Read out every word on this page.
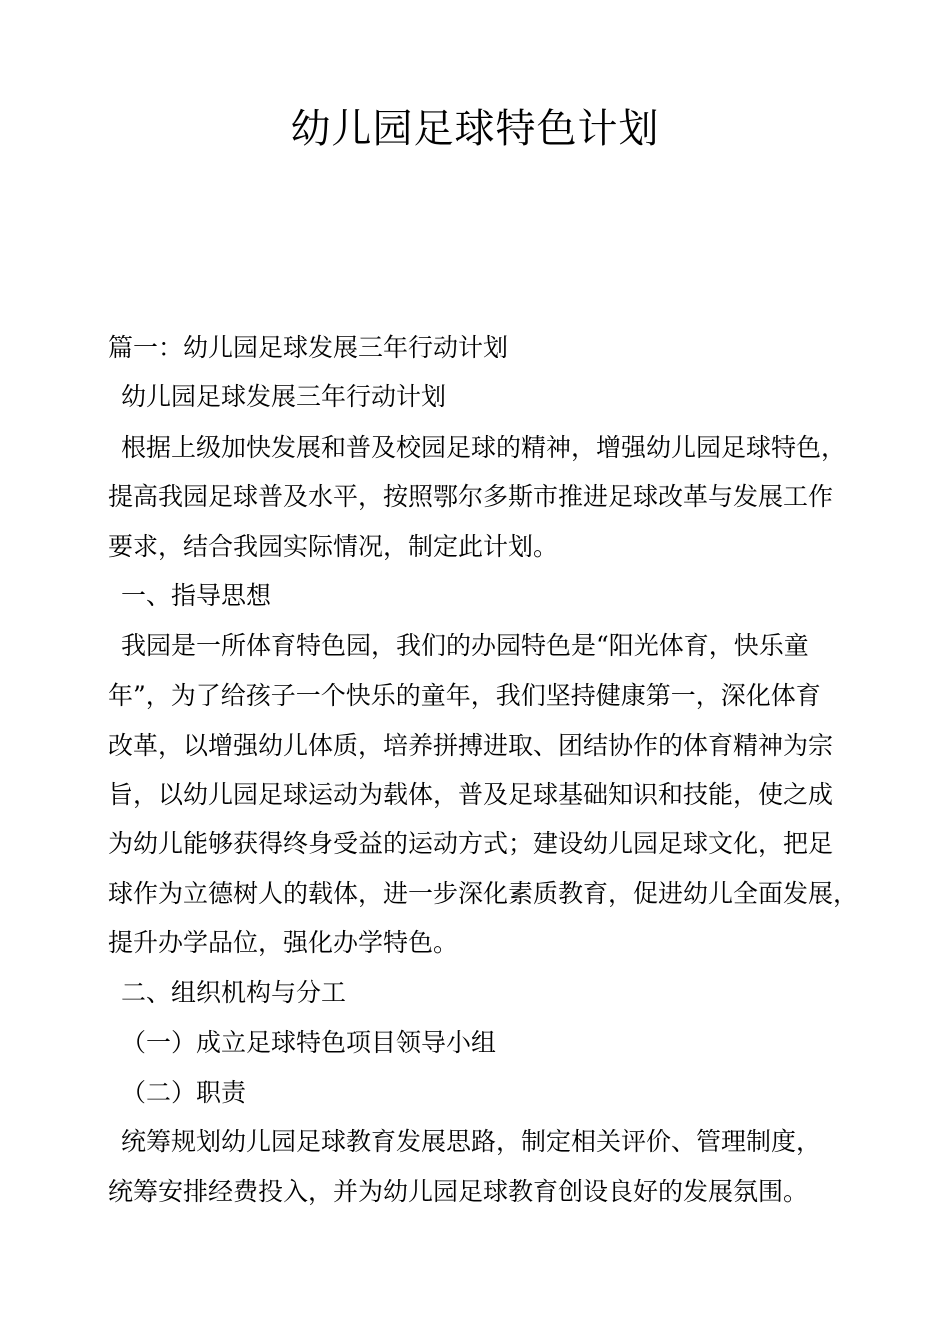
幼儿园足球特色计划

篇一：幼儿园足球发展三年行动计划

幼儿园足球发展三年行动计划

根据上级加快发展和普及校园足球的精神，增强幼儿园足球特色，

提高我园足球普及水平，按照鄂尔多斯市推进足球改革与发展工作

要求，结合我园实际情况，制定此计划。

一、指导思想

我园是一所体育特色园，我们的办园特色是“阳光体育，快乐童

年”，为了给孩子一个快乐的童年，我们坚持健康第一，深化体育

改革，以增强幼儿体质，培养拼搏进取、团结协作的体育精神为宗

旨，以幼儿园足球运动为载体，普及足球基础知识和技能，使之成

为幼儿能够获得终身受益的运动方式；建设幼儿园足球文化，把足

球作为立德树人的载体，进一步深化素质教育，促进幼儿全面发展，

提升办学品位，强化办学特色。

二、组织机构与分工

（一）成立足球特色项目领导小组

（二）职责

统筹规划幼儿园足球教育发展思路，制定相关评价、管理制度，

统筹安排经费投入，并为幼儿园足球教育创设良好的发展氛围。
